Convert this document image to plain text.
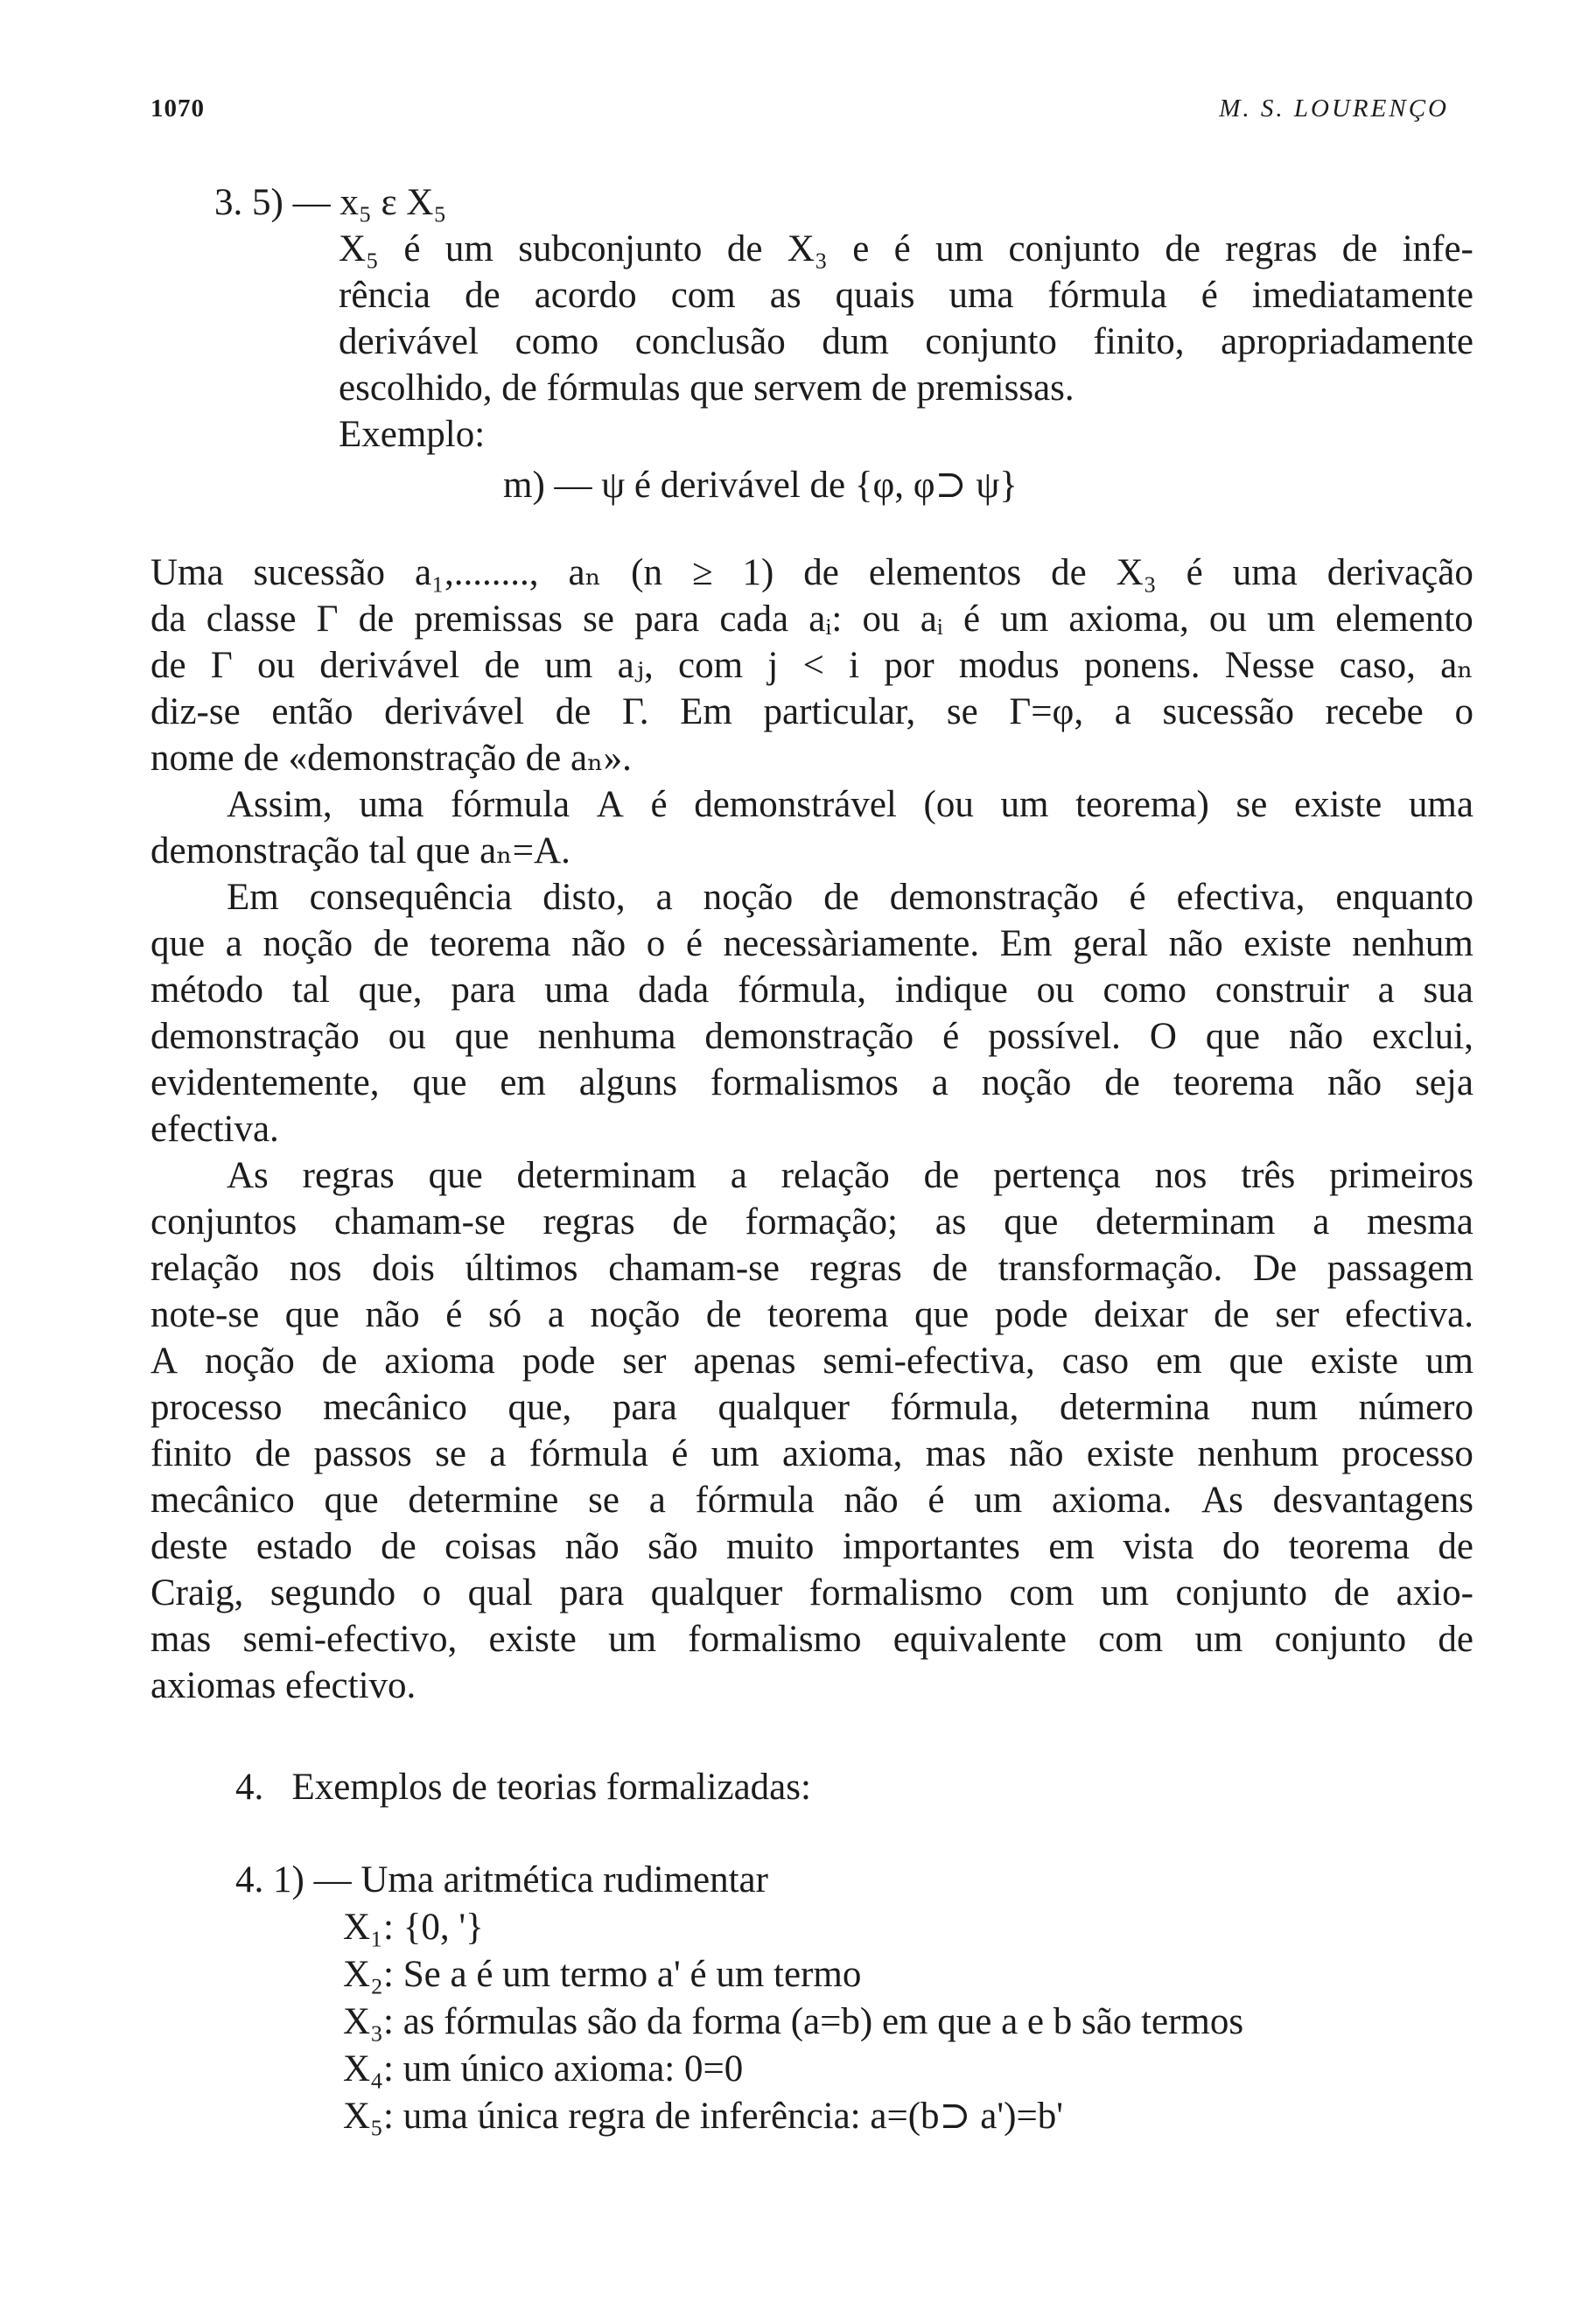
1070	M. S. LOURENÇO
3. 5) — x₅ ε X₅
X₅ é um subconjunto de X₃ e é um conjunto de regras de infe-
rência de acordo com as quais uma fórmula é imediatamente
derivável como conclusão dum conjunto finito, apropriadamente
escolhido, de fórmulas que servem de premissas.
Exemplo:
m) — ψ é derivável de {φ, φ⊃ ψ}
Uma sucessão a₁,........, aₙ (n ≥ 1) de elementos de X₃ é uma derivação
da classe Γ de premissas se para cada aᵢ: ou aᵢ é um axioma, ou um elemento
de Γ ou derivável de um aⱼ, com j < i por modus ponens. Nesse caso, aₙ
diz-se então derivável de Γ. Em particular, se Γ=φ, a sucessão recebe o
nome de «demonstração de aₙ».
Assim, uma fórmula A é demonstrável (ou um teorema) se existe uma
demonstração tal que aₙ=A.
Em consequência disto, a noção de demonstração é efectiva, enquanto
que a noção de teorema não o é necessàriamente. Em geral não existe nenhum
método tal que, para uma dada fórmula, indique ou como construir a sua
demonstração ou que nenhuma demonstração é possível. O que não exclui,
evidentemente, que em alguns formalismos a noção de teorema não seja
efectiva.
As regras que determinam a relação de pertença nos três primeiros
conjuntos chamam-se regras de formação; as que determinam a mesma
relação nos dois últimos chamam-se regras de transformação. De passagem
note-se que não é só a noção de teorema que pode deixar de ser efectiva.
A noção de axioma pode ser apenas semi-efectiva, caso em que existe um
processo mecânico que, para qualquer fórmula, determina num número
finito de passos se a fórmula é um axioma, mas não existe nenhum processo
mecânico que determine se a fórmula não é um axioma. As desvantagens
deste estado de coisas não são muito importantes em vista do teorema de
Craig, segundo o qual para qualquer formalismo com um conjunto de axio-
mas semi-efectivo, existe um formalismo equivalente com um conjunto de
axiomas efectivo.
4.   Exemplos de teorias formalizadas:
4. 1) — Uma aritmética rudimentar
X₁: {0, '}
X₂: Se a é um termo a' é um termo
X₃: as fórmulas são da forma (a=b) em que a e b são termos
X₄: um único axioma: 0=0
X₅: uma única regra de inferência: a=(b⊃ a')=b'
